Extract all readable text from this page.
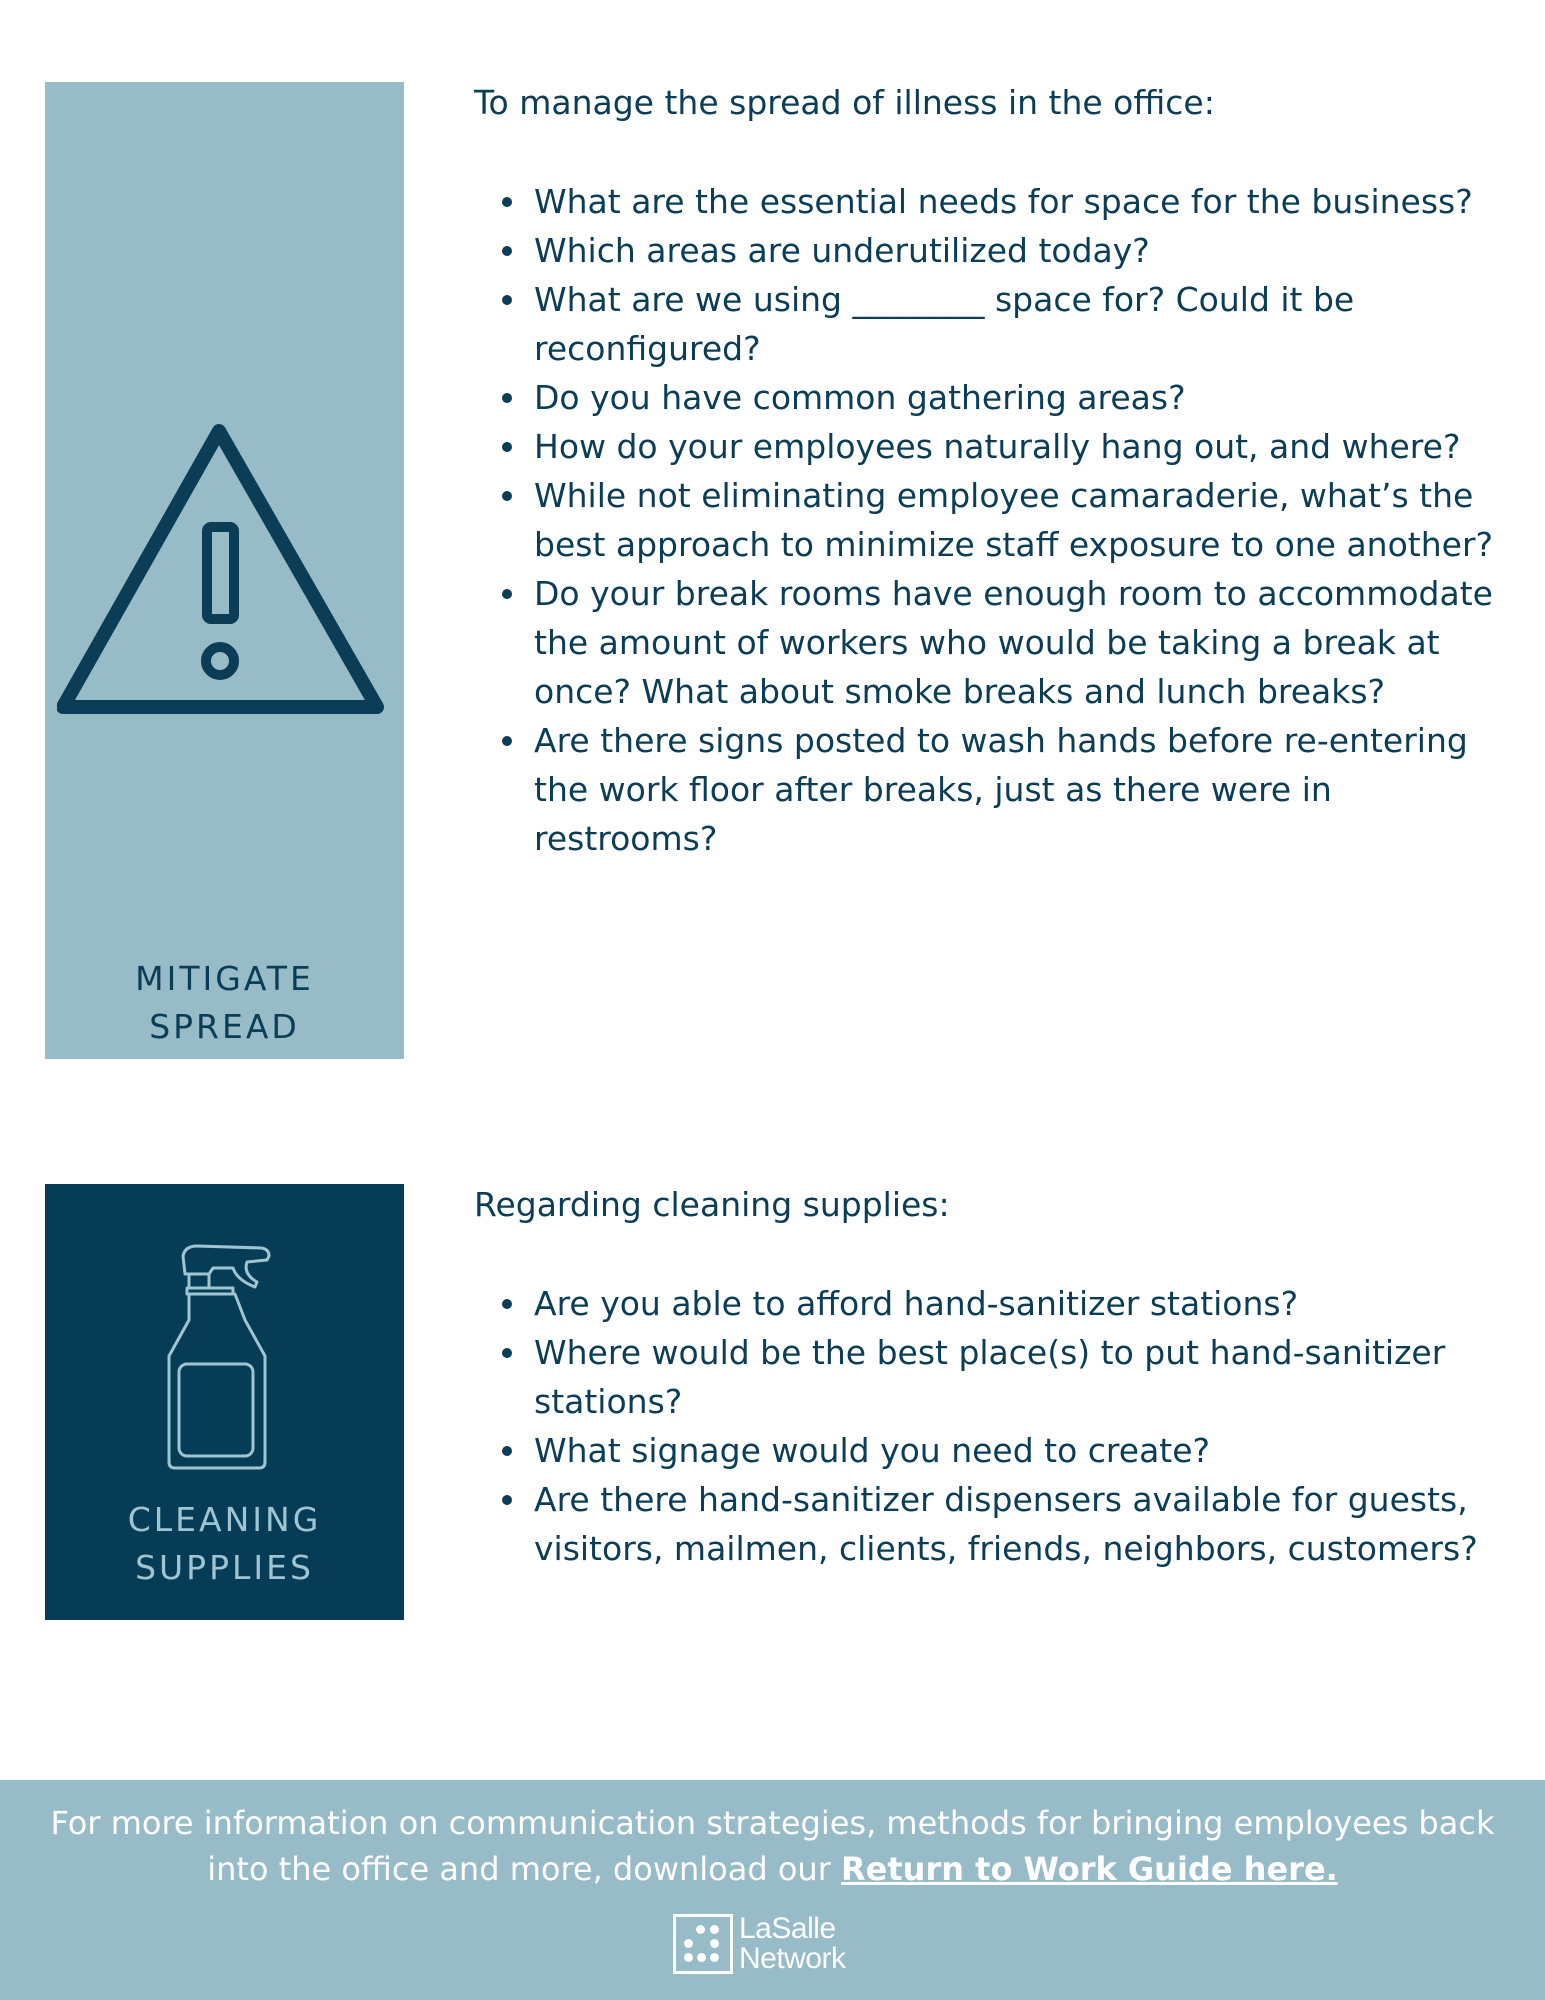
MITIGATE
SPREAD

To manage the spread of illness in the office:

What are the essential needs for space for the business?
Which areas are underutilized today?
What are we using ________ space for? Could it be reconfigured?
Do you have common gathering areas?
How do your employees naturally hang out, and where?
While not eliminating employee camaraderie, what’s the best approach to minimize staff exposure to one another?
Do your break rooms have enough room to accommodate the amount of workers who would be taking a break at once? What about smoke breaks and lunch breaks?
Are there signs posted to wash hands before re-entering the work floor after breaks, just as there were in restrooms?
CLEANING
SUPPLIES

Regarding cleaning supplies:

Are you able to afford hand-sanitizer stations?
Where would be the best place(s) to put hand-sanitizer stations?
What signage would you need to create?
Are there hand-sanitizer dispensers available for guests, visitors, mailmen, clients, friends, neighbors, customers?

For more information on communication strategies, methods for bringing employees back into the office and more, download our Return to Work Guide here.

LaSalle
Network
